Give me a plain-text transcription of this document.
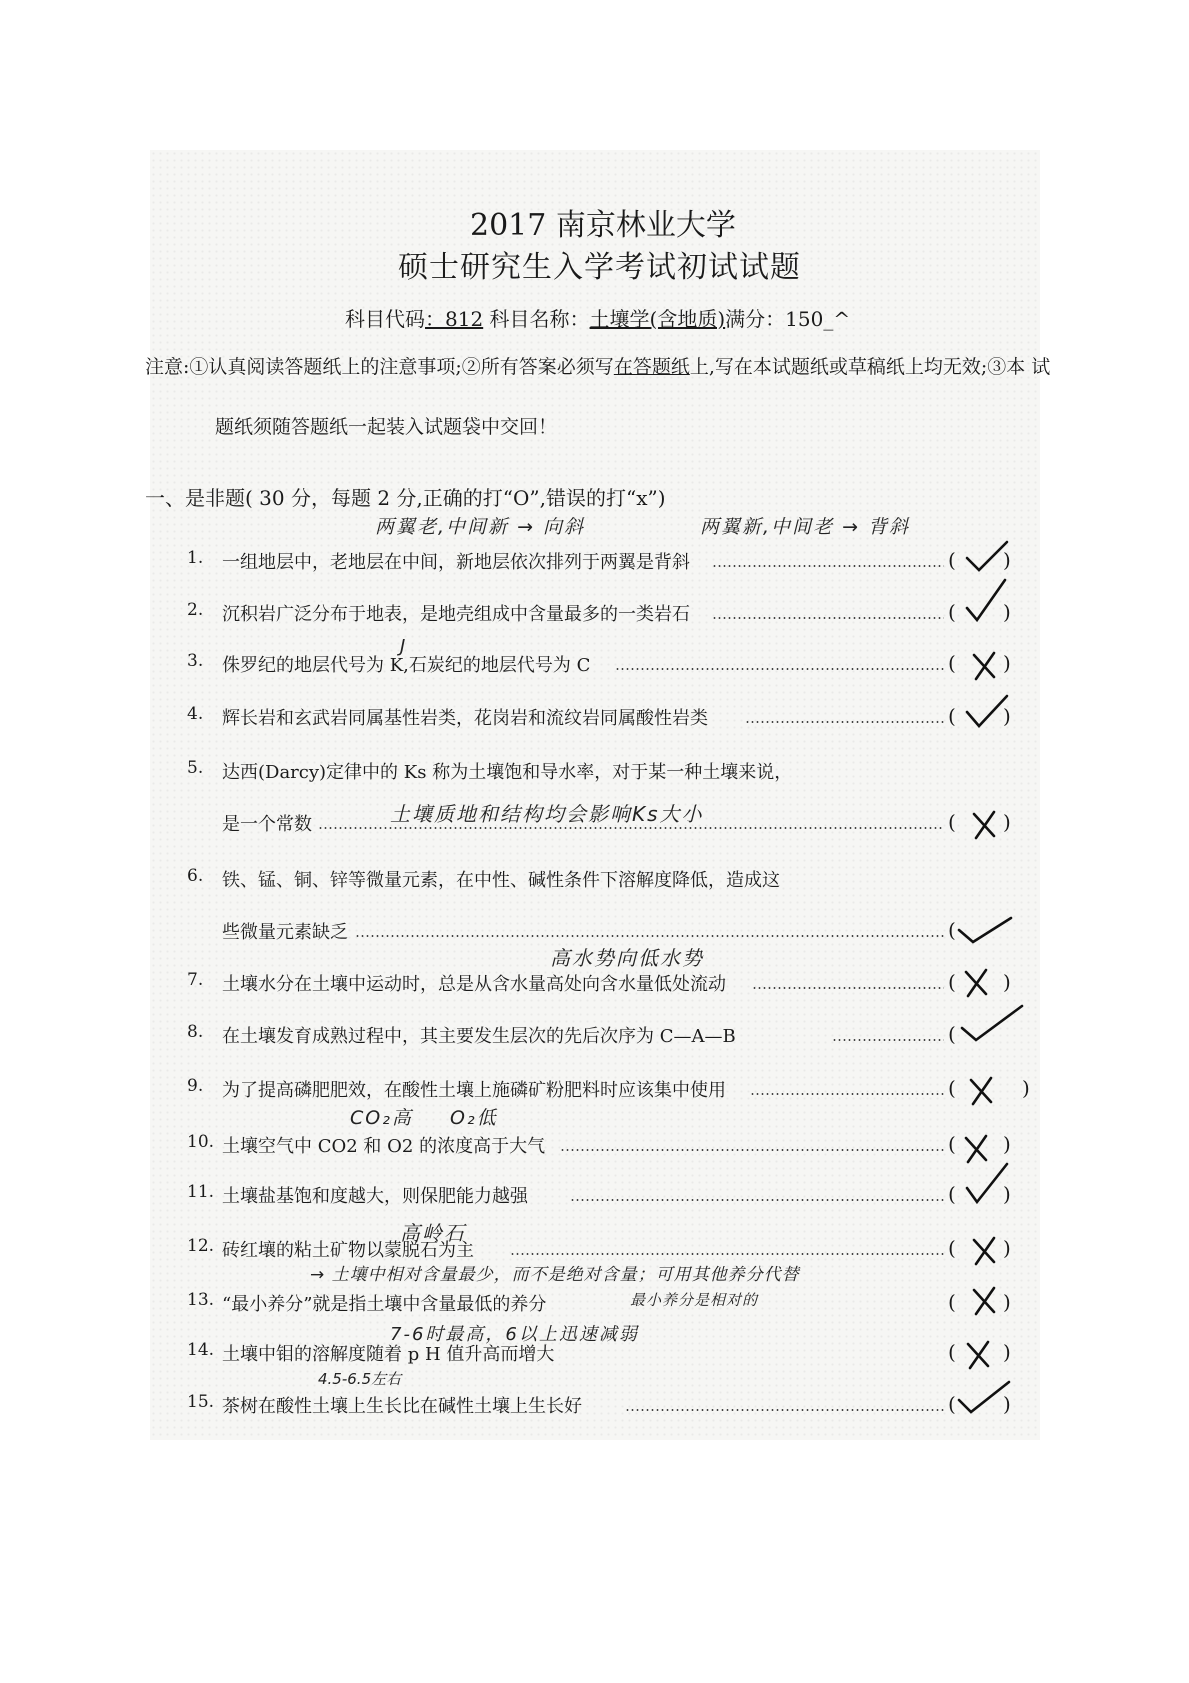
2017 南京林业大学
硕士研究生入学考试初试试题
科目代码：812 科目名称：土壤学(含地质)满分：150_^
注意:①认真阅读答题纸上的注意事项;②所有答案必须写在答题纸上,写在本试题纸或草稿纸上均无效;③本 试
题纸须随答题纸一起装入试题袋中交回！
一、是非题( 30 分，每题 2 分,正确的打“O”,错误的打“x”)
两翼老,中间新 → 向斜	两翼新,中间老 → 背斜
J
土壤质地和结构均会影响Ks大小
高水势向低水势
CO₂高 O₂低
高岭石
→ 土壤中相对含量最少，而不是绝对含量；可用其他养分代替
最小养分是相对的
7-6时最高，6以上迅速减弱
4.5-6.5左右
1. 一组地层中，老地层在中间，新地层依次排列于两翼是背斜	( )
2. 沉积岩广泛分布于地表，是地壳组成中含量最多的一类岩石	( )
3. 侏罗纪的地层代号为 K,石炭纪的地层代号为 C	( )
4. 辉长岩和玄武岩同属基性岩类，花岗岩和流纹岩同属酸性岩类	( )
5. 达西(Darcy)定律中的 Ks 称为土壤饱和导水率，对于某一种土壤来说，
是一个常数	( )
6. 铁、锰、铜、锌等微量元素，在中性、碱性条件下溶解度降低，造成这
些微量元素缺乏	(
7. 土壤水分在土壤中运动时，总是从含水量高处向含水量低处流动	( )
8. 在土壤发育成熟过程中，其主要发生层次的先后次序为 C—A—B	(
9. 为了提高磷肥肥效，在酸性土壤上施磷矿粉肥料时应该集中使用	(	)
10. 土壤空气中 CO2 和 O2 的浓度高于大气	( )
11. 土壤盐基饱和度越大，则保肥能力越强	( )
12. 砖红壤的粘土矿物以蒙脱石为主	( )
13. “最小养分”就是指土壤中含量最低的养分	( )
14. 土壤中钼的溶解度随着 p H 值升高而增大	( )
15. 茶树在酸性土壤上生长比在碱性土壤上生长好	( )
